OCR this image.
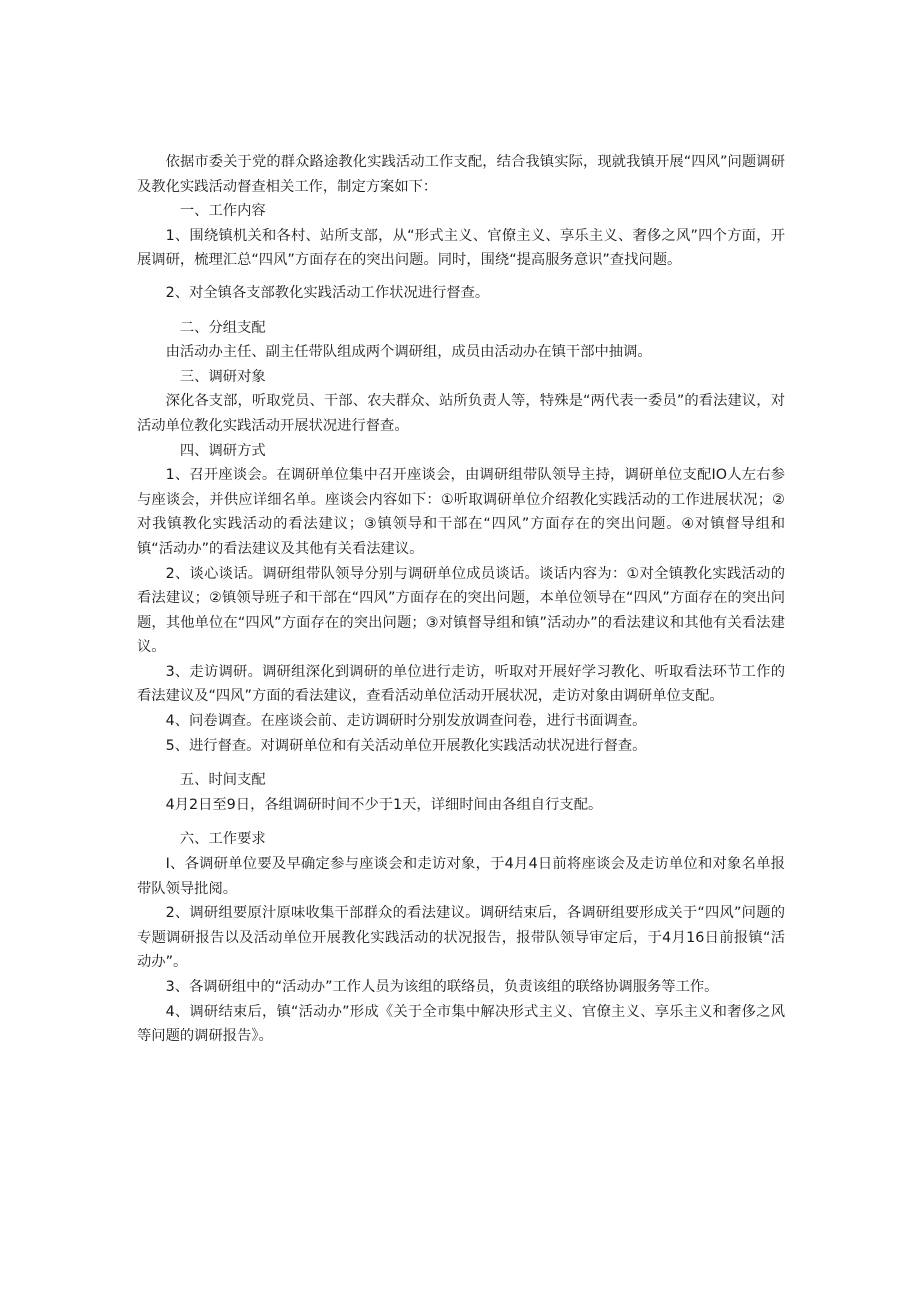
依据市委关于党的群众路途教化实践活动工作支配，结合我镇实际，现就我镇开展“四风”问题调研及教化实践活动督查相关工作，制定方案如下：

一、工作内容

1、围绕镇机关和各村、站所支部，从“形式主义、官僚主义、享乐主义、奢侈之风”四个方面，开展调研，梳理汇总“四风”方面存在的突出问题。同时，围绕“提高服务意识”查找问题。

2、对全镇各支部教化实践活动工作状况进行督查。

二、分组支配

由活动办主任、副主任带队组成两个调研组，成员由活动办在镇干部中抽调。

三、调研对象

深化各支部，听取党员、干部、农夫群众、站所负责人等，特殊是“两代表一委员”的看法建议，对活动单位教化实践活动开展状况进行督查。

四、调研方式

1、召开座谈会。在调研单位集中召开座谈会，由调研组带队领导主持，调研单位支配IO人左右参与座谈会，并供应详细名单。座谈会内容如下：①听取调研单位介绍教化实践活动的工作进展状况；②对我镇教化实践活动的看法建议；③镇领导和干部在“四风”方面存在的突出问题。④对镇督导组和镇“活动办”的看法建议及其他有关看法建议。

2、谈心谈话。调研组带队领导分别与调研单位成员谈话。谈话内容为：①对全镇教化实践活动的看法建议；②镇领导班子和干部在“四风”方面存在的突出问题，本单位领导在“四风”方面存在的突出问题，其他单位在“四风”方面存在的突出问题；③对镇督导组和镇”活动办”的看法建议和其他有关看法建议。

3、走访调研。调研组深化到调研的单位进行走访，听取对开展好学习教化、听取看法环节工作的看法建议及“四风”方面的看法建议，查看活动单位活动开展状况，走访对象由调研单位支配。

4、问卷调查。在座谈会前、走访调研时分别发放调查问卷，进行书面调查。

5、进行督查。对调研单位和有关活动单位开展教化实践活动状况进行督查。

五、时间支配

4月2日至9日，各组调研时间不少于1天，详细时间由各组自行支配。

六、工作要求

I、各调研单位要及早确定参与座谈会和走访对象，于4月4日前将座谈会及走访单位和对象名单报带队领导批阅。

2、调研组要原汁原味收集干部群众的看法建议。调研结束后，各调研组要形成关于“四风”问题的专题调研报告以及活动单位开展教化实践活动的状况报告，报带队领导审定后，于4月16日前报镇“活动办”。

3、各调研组中的“活动办”工作人员为该组的联络员，负责该组的联络协调服务等工作。

4、调研结束后，镇“活动办”形成《关于全市集中解决形式主义、官僚主义、享乐主义和奢侈之风等问题的调研报告》。
